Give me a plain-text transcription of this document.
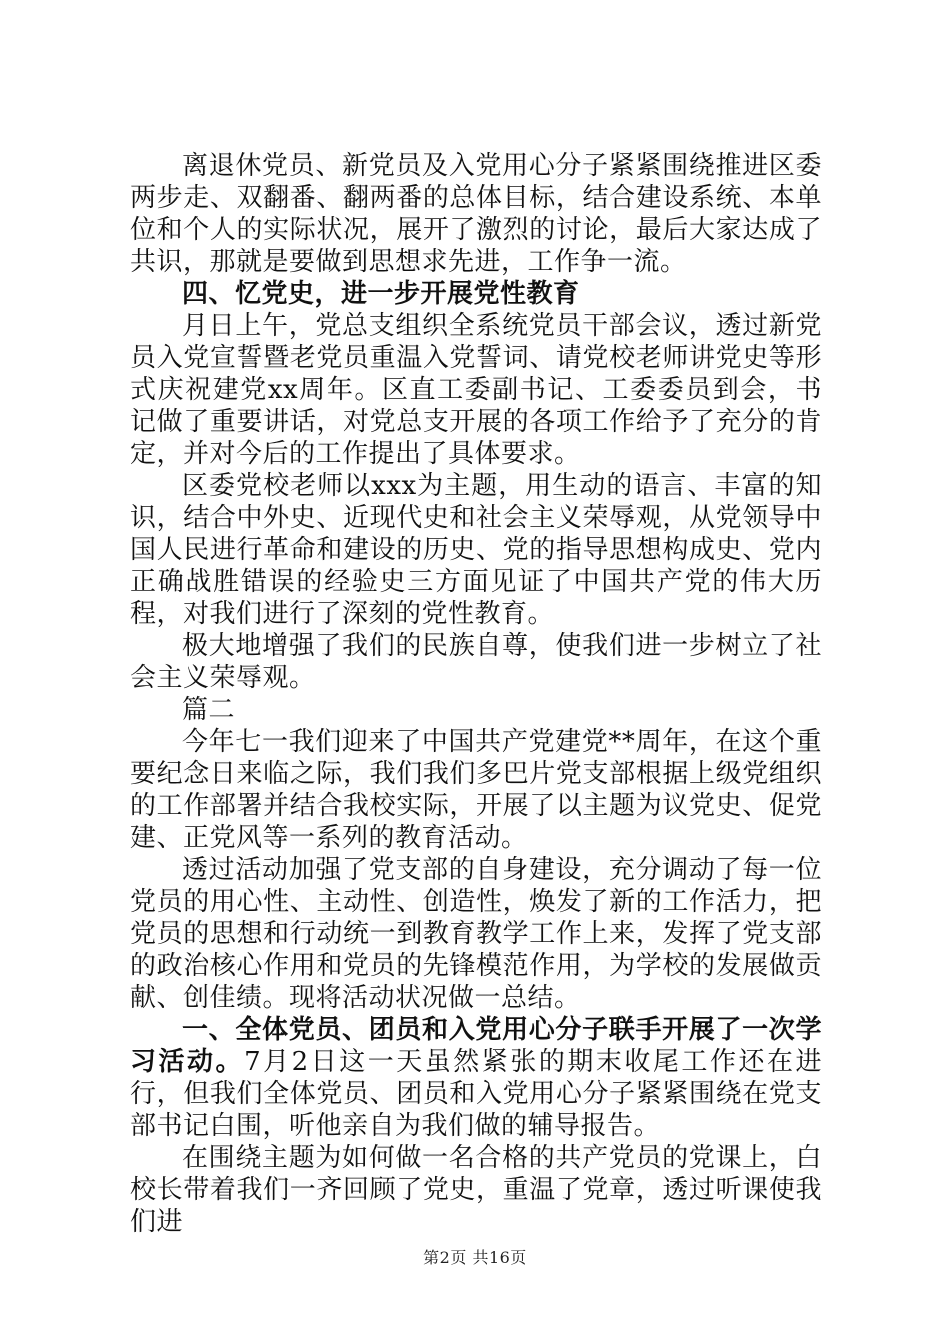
离退休党员、新党员及入党用心分子紧紧围绕推进区委两步走、双翻番、翻两番的总体目标，结合建设系统、本单位和个人的实际状况，展开了激烈的讨论，最后大家达成了共识，那就是要做到思想求先进，工作争一流。

四、忆党史，进一步开展党性教育

月日上午，党总支组织全系统党员干部会议，透过新党员入党宣誓暨老党员重温入党誓词、请党校老师讲党史等形式庆祝建党xx周年。区直工委副书记、工委委员到会，书记做了重要讲话，对党总支开展的各项工作给予了充分的肯定，并对今后的工作提出了具体要求。

区委党校老师以xxx为主题，用生动的语言、丰富的知识，结合中外史、近现代史和社会主义荣辱观，从党领导中国人民进行革命和建设的历史、党的指导思想构成史、党内正确战胜错误的经验史三方面见证了中国共产党的伟大历程，对我们进行了深刻的党性教育。

极大地增强了我们的民族自尊，使我们进一步树立了社会主义荣辱观。

篇二

今年七一我们迎来了中国共产党建党**周年，在这个重要纪念日来临之际，我们我们多巴片党支部根据上级党组织的工作部署并结合我校实际，开展了以主题为议党史、促党建、正党风等一系列的教育活动。

透过活动加强了党支部的自身建设，充分调动了每一位党员的用心性、主动性、创造性，焕发了新的工作活力，把党员的思想和行动统一到教育教学工作上来，发挥了党支部的政治核心作用和党员的先锋模范作用，为学校的发展做贡献、创佳绩。现将活动状况做一总结。

一、全体党员、团员和入党用心分子联手开展了一次学习活动。7月2日这一天虽然紧张的期末收尾工作还在进行，但我们全体党员、团员和入党用心分子紧紧围绕在党支部书记白围，听他亲自为我们做的辅导报告。

在围绕主题为如何做一名合格的共产党员的党课上，白校长带着我们一齐回顾了党史，重温了党章，透过听课使我们进

第2页 共16页
